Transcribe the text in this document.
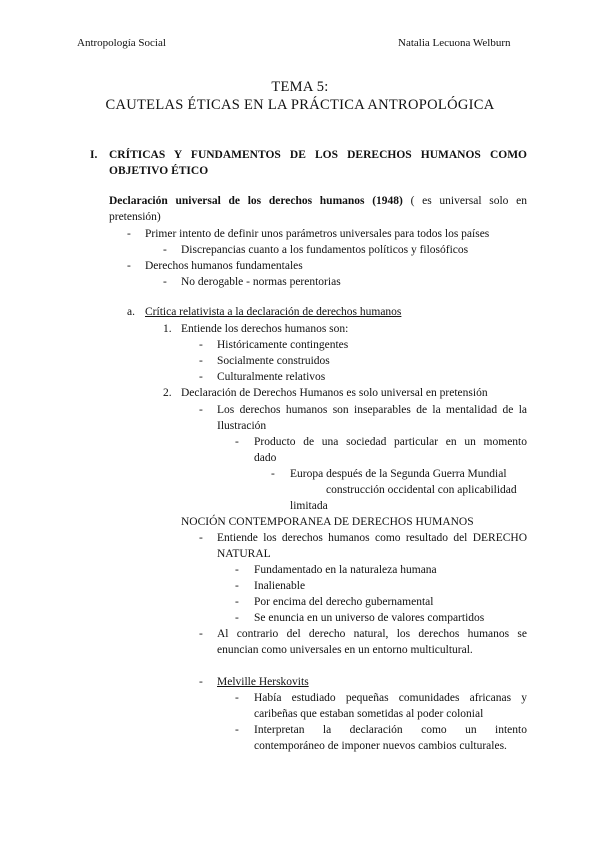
Antropología Social	Natalia Lecuona Welburn
TEMA 5:
CAUTELAS ÉTICAS EN LA PRÁCTICA ANTROPOLÓGICA
I. CRÍTICAS Y FUNDAMENTOS DE LOS DERECHOS HUMANOS COMO
OBJETIVO ÉTICO
Declaración universal de los derechos humanos (1948) ( es universal solo en
pretensión)
- Primer intento de definir unos parámetros universales para todos los países
- Discrepancias cuanto a los fundamentos políticos y filosóficos
- Derechos humanos fundamentales
- No derogable - normas perentorias
a. Crítica relativista a la declaración de derechos humanos
1. Entiende los derechos humanos son:
- Históricamente contingentes
- Socialmente construidos
- Culturalmente relativos
2. Declaración de Derechos Humanos es solo universal en pretensión
- Los derechos humanos son inseparables de la mentalidad de la
Ilustración
- Producto de una sociedad particular en un momento
dado
- Europa después de la Segunda Guerra Mundial
construcción occidental con aplicabilidad
limitada
NOCIÓN CONTEMPORANEA DE DERECHOS HUMANOS
- Entiende los derechos humanos como resultado del DERECHO
NATURAL
- Fundamentado en la naturaleza humana
- Inalienable
- Por encima del derecho gubernamental
- Se enuncia en un universo de valores compartidos
- Al contrario del derecho natural, los derechos humanos se
enuncian como universales en un entorno multicultural.
- Melville Herskovits
- Había estudiado pequeñas comunidades africanas y
caribeñas que estaban sometidas al poder colonial
- Interpretan la declaración como un intento
contemporáneo de imponer nuevos cambios culturales.
